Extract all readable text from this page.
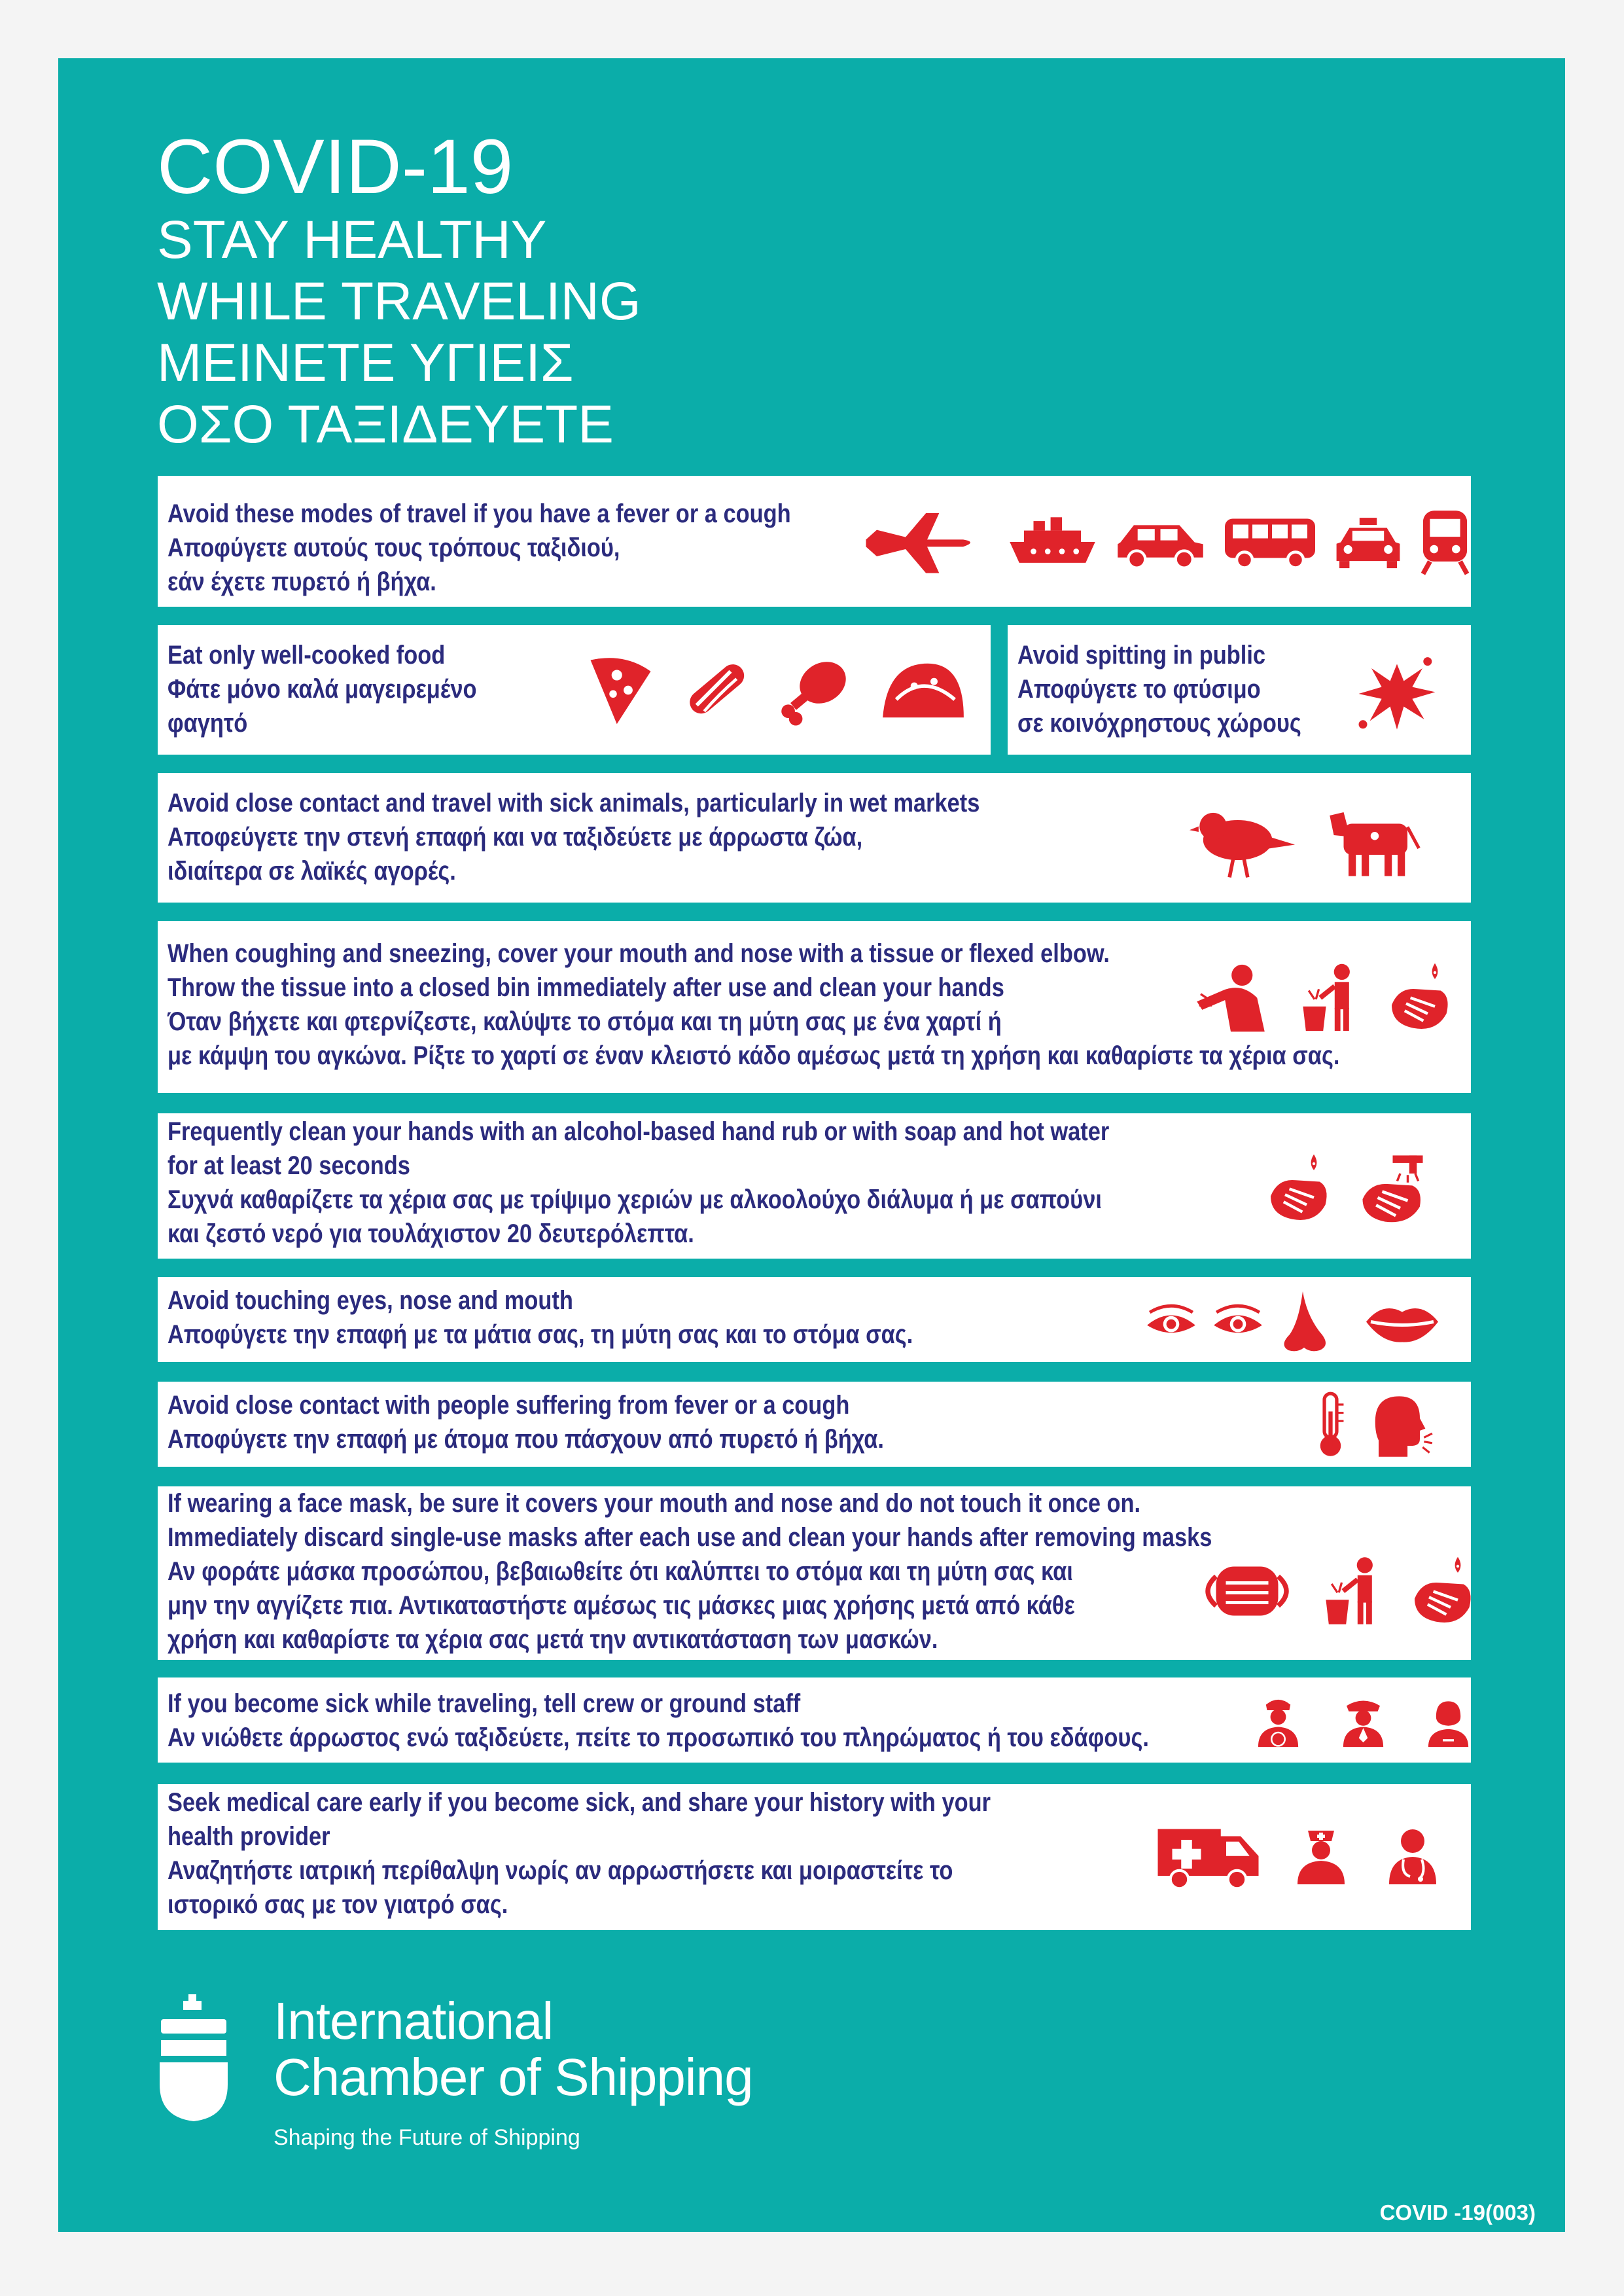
COVID-19
STAY HEALTHY
WHILE TRAVELING
ΜΕΙΝΕΤΕ ΥΓΙΕΙΣ
ΟΣΟ ΤΑΞΙΔΕΥΕΤΕ
Avoid these modes of travel if you have a fever or a cough
Αποφύγετε αυτούς τους τρόπους ταξιδιού,
εάν έχετε πυρετό ή βήχα.
Eat only well-cooked food
Φάτε μόνο καλά μαγειρεμένο
φαγητό
Avoid spitting in public
Αποφύγετε το φτύσιμο
σε κοινόχρηστους χώρους
Avoid close contact and travel with sick animals, particularly in wet markets
Αποφεύγετε την στενή επαφή και να ταξιδεύετε με άρρωστα ζώα,
ιδιαίτερα σε λαϊκές αγορές.
When coughing and sneezing, cover your mouth and nose with a tissue or flexed elbow.
Throw the tissue into a closed bin immediately after use and clean your hands
Όταν βήχετε και φτερνίζεστε, καλύψτε το στόμα και τη μύτη σας με ένα χαρτί ή
με κάμψη του αγκώνα. Ρίξτε το χαρτί σε έναν κλειστό κάδο αμέσως μετά τη χρήση και καθαρίστε τα χέρια σας.
Frequently clean your hands with an alcohol-based hand rub or with soap and hot water
for at least 20 seconds
Συχνά καθαρίζετε τα χέρια σας με τρίψιμο χεριών με αλκοολούχο διάλυμα ή με σαπούνι
και ζεστό νερό για τουλάχιστον 20 δευτερόλεπτα.
Avoid touching eyes, nose and mouth
Αποφύγετε την επαφή με τα μάτια σας, τη μύτη σας και το στόμα σας.
Avoid close contact with people suffering from fever or a cough
Αποφύγετε την επαφή με άτομα που πάσχουν από πυρετό ή βήχα.
If wearing a face mask, be sure it covers your mouth and nose and do not touch it once on.
Immediately discard single-use masks after each use and clean your hands after removing masks
Αν φοράτε μάσκα προσώπου, βεβαιωθείτε ότι καλύπτει το στόμα και τη μύτη σας και
μην την αγγίζετε πια. Αντικαταστήστε αμέσως τις μάσκες μιας χρήσης μετά από κάθε
χρήση και καθαρίστε τα χέρια σας μετά την αντικατάσταση των μασκών.
If you become sick while traveling, tell crew or ground staff
Αν νιώθετε άρρωστος ενώ ταξιδεύετε, πείτε το προσωπικό του πληρώματος ή του εδάφους.
Seek medical care early if you become sick, and share your history with your
health provider
Αναζητήστε ιατρική περίθαλψη νωρίς αν αρρωστήσετε και μοιραστείτε το
ιστορικό σας με τον γιατρό σας.
International
Chamber of Shipping
Shaping the Future of Shipping
COVID -19(003)
